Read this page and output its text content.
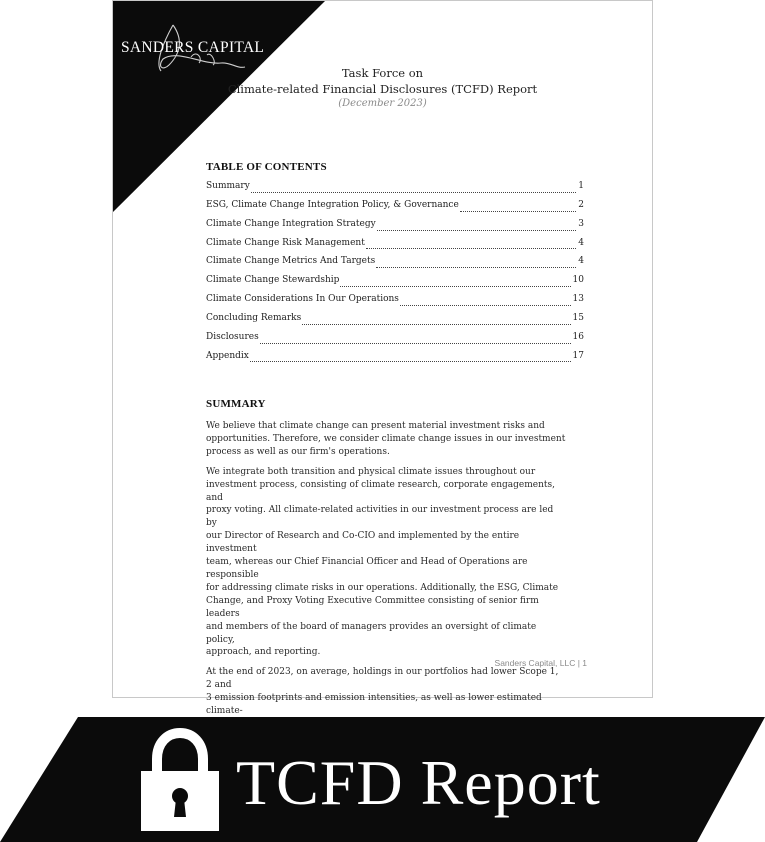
SANDERS CAPITAL
Task Force on
Climate-related Financial Disclosures (TCFD) Report
(December 2023)
TABLE OF CONTENTS
Summary	1
ESG, Climate Change Integration Policy, & Governance	2
Climate Change Integration Strategy	3
Climate Change Risk Management	4
Climate Change Metrics And Targets	4
Climate Change Stewardship	10
Climate Considerations In Our Operations	13
Concluding Remarks	15
Disclosures	16
Appendix	17
SUMMARY

We believe that climate change can present material investment risks and
opportunities. Therefore, we consider climate change issues in our investment
process as well as our firm's operations.

We integrate both transition and physical climate issues throughout our
investment process, consisting of climate research, corporate engagements, and
proxy voting. All climate-related activities in our investment process are led by
our Director of Research and Co-CIO and implemented by the entire investment
team, whereas our Chief Financial Officer and Head of Operations are responsible
for addressing climate risks in our operations. Additionally, the ESG, Climate
Change, and Proxy Voting Executive Committee consisting of senior firm leaders
and members of the board of managers provides an oversight of climate policy,
approach, and reporting.

At the end of 2023, on average, holdings in our portfolios had lower Scope 1, 2 and
3 emission footprints and emission intensities, as well as lower estimated climate-

Sanders Capital, LLC | 1
TCFD Report
